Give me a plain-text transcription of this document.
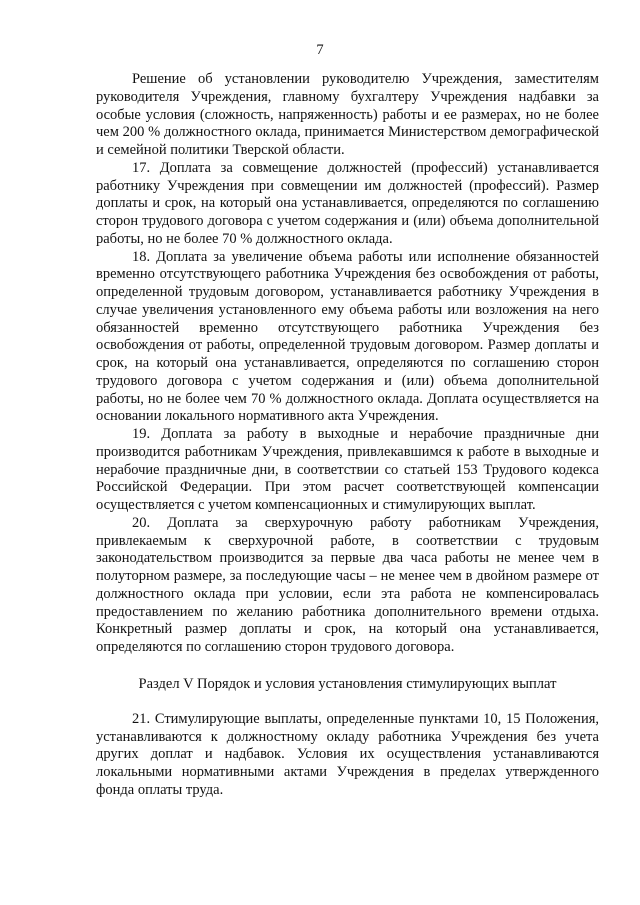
7

Решение об установлении руководителю Учреждения, заместителям руководителя Учреждения, главному бухгалтеру Учреждения надбавки за особые условия (сложность, напряженность) работы и ее размерах, но не более чем 200 % должностного оклада, принимается Министерством демографической и семейной политики Тверской области.

17. Доплата за совмещение должностей (профессий) устанавливается работнику Учреждения при совмещении им должностей (профессий). Размер доплаты и срок, на который она устанавливается, определяются по соглашению сторон трудового договора с учетом содержания и (или) объема дополнительной работы, но не более 70 % должностного оклада.

18. Доплата за увеличение объема работы или исполнение обязанностей временно отсутствующего работника Учреждения без освобождения от работы, определенной трудовым договором, устанавливается работнику Учреждения в случае увеличения установленного ему объема работы или возложения на него обязанностей временно отсутствующего работника Учреждения без освобождения от работы, определенной трудовым договором. Размер доплаты и срок, на который она устанавливается, определяются по соглашению сторон трудового договора с учетом содержания и (или) объема дополнительной работы, но не более чем 70 % должностного оклада. Доплата осуществляется на основании локального нормативного акта Учреждения.

19. Доплата за работу в выходные и нерабочие праздничные дни производится работникам Учреждения, привлекавшимся к работе в выходные и нерабочие праздничные дни, в соответствии со статьей 153 Трудового кодекса Российской Федерации. При этом расчет соответствующей компенсации осуществляется с учетом компенсационных и стимулирующих выплат.

20. Доплата за сверхурочную работу работникам Учреждения, привлекаемым к сверхурочной работе, в соответствии с трудовым законодательством производится за первые два часа работы не менее чем в полуторном размере, за последующие часы – не менее чем в двойном размере от должностного оклада при условии, если эта работа не компенсировалась предоставлением по желанию работника дополнительного времени отдыха. Конкретный размер доплаты и срок, на который она устанавливается, определяются по соглашению сторон трудового договора.

Раздел V Порядок и условия установления стимулирующих выплат

21. Стимулирующие выплаты, определенные пунктами 10, 15 Положения, устанавливаются к должностному окладу работника Учреждения без учета других доплат и надбавок. Условия их осуществления устанавливаются локальными нормативными актами Учреждения в пределах утвержденного фонда оплаты труда.
